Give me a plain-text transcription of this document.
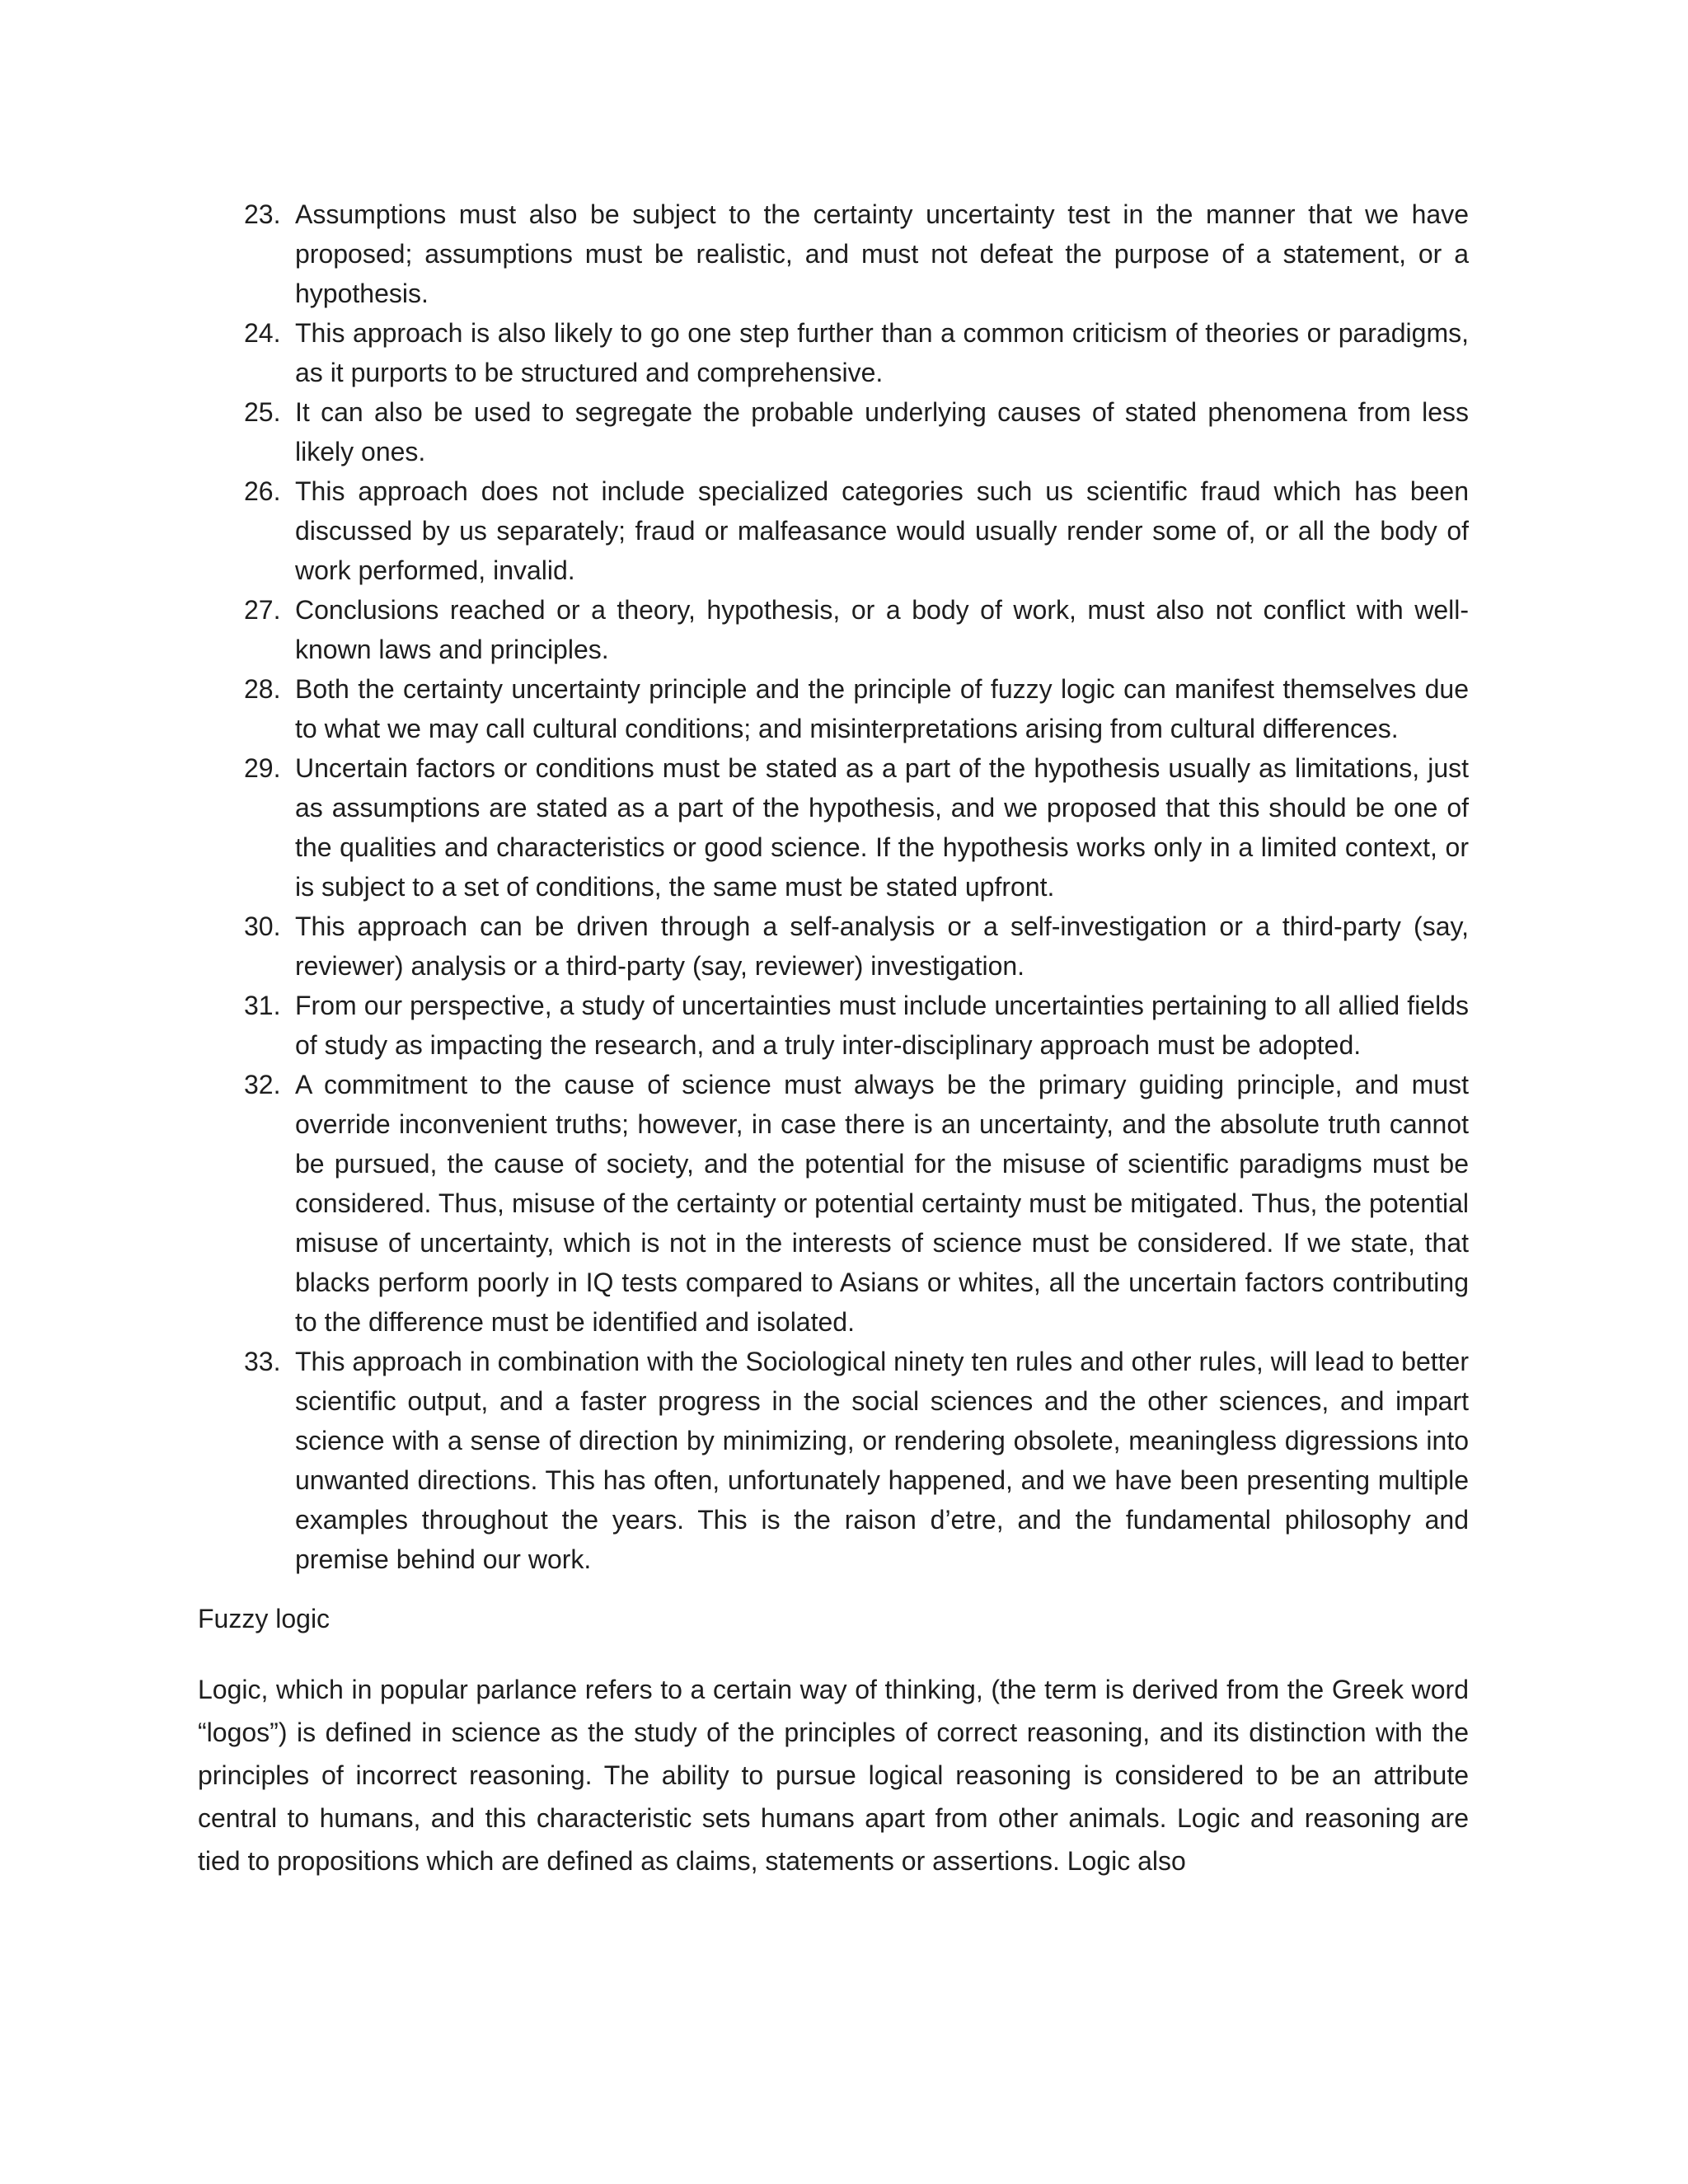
23. Assumptions must also be subject to the certainty uncertainty test in the manner that we have proposed; assumptions must be realistic, and must not defeat the purpose of a statement, or a hypothesis.
24. This approach is also likely to go one step further than a common criticism of theories or paradigms, as it purports to be structured and comprehensive.
25. It can also be used to segregate the probable underlying causes of stated phenomena from less likely ones.
26. This approach does not include specialized categories such us scientific fraud which has been discussed by us separately; fraud or malfeasance would usually render some of, or all the body of work performed, invalid.
27. Conclusions reached or a theory, hypothesis, or a body of work, must also not conflict with well-known laws and principles.
28. Both the certainty uncertainty principle and the principle of fuzzy logic can manifest themselves due to what we may call cultural conditions; and misinterpretations arising from cultural differences.
29. Uncertain factors or conditions must be stated as a part of the hypothesis usually as limitations, just as assumptions are stated as a part of the hypothesis, and we proposed that this should be one of the qualities and characteristics or good science. If the hypothesis works only in a limited context, or is subject to a set of conditions, the same must be stated upfront.
30. This approach can be driven through a self-analysis or a self-investigation or a third-party (say, reviewer) analysis or a third-party (say, reviewer) investigation.
31. From our perspective, a study of uncertainties must include uncertainties pertaining to all allied fields of study as impacting the research, and a truly inter-disciplinary approach must be adopted.
32. A commitment to the cause of science must always be the primary guiding principle, and must override inconvenient truths; however, in case there is an uncertainty, and the absolute truth cannot be pursued, the cause of society, and the potential for the misuse of scientific paradigms must be considered. Thus, misuse of the certainty or potential certainty must be mitigated. Thus, the potential misuse of uncertainty, which is not in the interests of science must be considered. If we state, that blacks perform poorly in IQ tests compared to Asians or whites, all the uncertain factors contributing to the difference must be identified and isolated.
33. This approach in combination with the Sociological ninety ten rules and other rules, will lead to better scientific output, and a faster progress in the social sciences and the other sciences, and impart science with a sense of direction by minimizing, or rendering obsolete, meaningless digressions into unwanted directions. This has often, unfortunately happened, and we have been presenting multiple examples throughout the years. This is the raison d’etre, and the fundamental philosophy and premise behind our work.
Fuzzy logic

Logic, which in popular parlance refers to a certain way of thinking, (the term is derived from the Greek word “logos”) is defined in science as the study of the principles of correct reasoning, and its distinction with the principles of incorrect reasoning. The ability to pursue logical reasoning is considered to be an attribute central to humans, and this characteristic sets humans apart from other animals. Logic and reasoning are tied to propositions which are defined as claims, statements or assertions. Logic also
